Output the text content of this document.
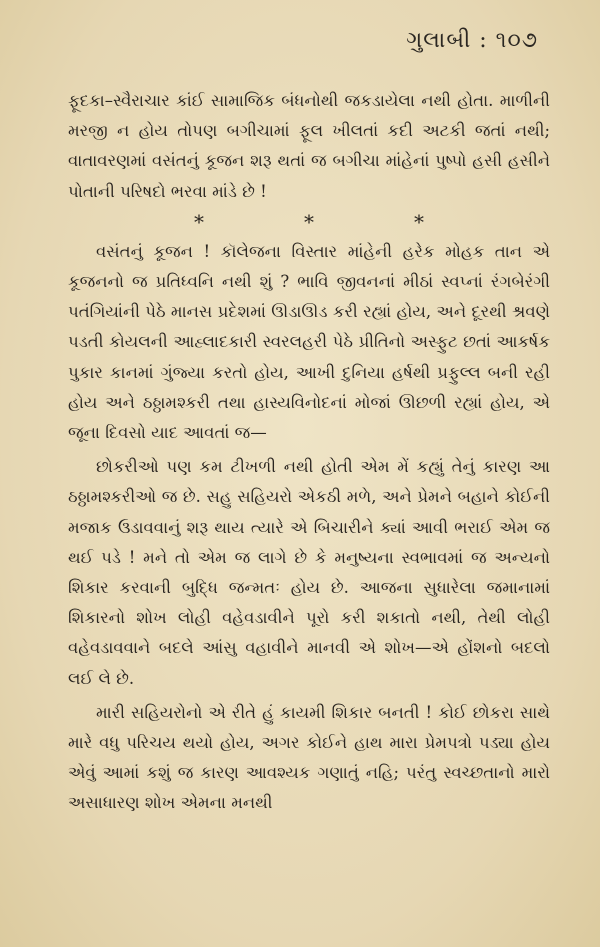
ગુલાબી : ૧૦૭

ફૂદકા–સ્વૈરાચાર કાંઈ સામાજિક બંધનોથી જકડાયેલા નથી હોતા. માળીની મરજી ન હોય તોપણ બગીચામાં ફૂલ ખીલતાં કદી અટકી જતાં નથી; વાતાવરણમાં વસંતનું કૂજન શરૂ થતાં જ બગીચા માંહેનાં પુષ્પો હસી હસીને પોતાની પરિષદો ભરવા માંડે છે !

*	*	*

વસંતનું કૂજન ! કૉલેજના વિસ્તાર માંહેની હરેક મોહક તાન એ કૂજનનો જ પ્રતિધ્વનિ નથી શું ? ભાવિ જીવનનાં મીઠાં સ્વપ્નાં રંગબેરંગી પતંગિયાંની પેઠે માનસ પ્રદેશમાં ઊડાઊડ કરી રહ્યાં હોય, અને દૂરથી શ્રવણે પડતી કોયલની આહ્લાદકારી સ્વરલહરી પેઠે પ્રીતિનો અસ્ફુટ છતાં આકર્ષક પુકાર કાનમાં ગુંજ્યા કરતો હોય, આખી દુનિયા હર્ષથી પ્રફુલ્લ બની રહી હોય અને ઠઠ્ઠામશ્કરી તથા હાસ્યવિનોદનાં મોજાં ઊછળી રહ્યાં હોય, એ જૂના દિવસો યાદ આવતાં જ—

છોકરીઓ પણ કમ ટીખળી નથી હોતી એમ મેં કહ્યું તેનું કારણ આ ઠઠ્ઠામશ્કરીઓ જ છે. સહુ સહિયરો એકઠી મળે, અને પ્રેમને બહાને કોઈની મજાક ઉડાવવાનું શરૂ થાય ત્યારે એ બિચારીને ક્યાં આવી ભરાઈ એમ જ થઈ પડે ! મને તો એમ જ લાગે છે કે મનુષ્યના સ્વભાવમાં જ અન્યનો શિકાર કરવાની બુદ્ધિ જન્મતઃ હોય છે. આજના સુધારેલા જમાનામાં શિકારનો શોખ લોહી વહેવડાવીને પૂરો કરી શકાતો નથી, તેથી લોહી વહેવડાવવાને બદલે આંસુ વહાવીને માનવી એ શોખ—એ હોંશનો બદલો લઈ લે છે.

મારી સહિયરોનો એ રીતે હું કાયમી શિકાર બનતી ! કોઈ છોકરા સાથે મારે વધુ પરિચય થયો હોય, અગર કોઈને હાથ મારા પ્રેમપત્રો પડ્યા હોય એવું આમાં કશું જ કારણ આવશ્યક ગણાતું નહિ; પરંતુ સ્વચ્છતાનો મારો અસાધારણ શોખ એમના મનથી
